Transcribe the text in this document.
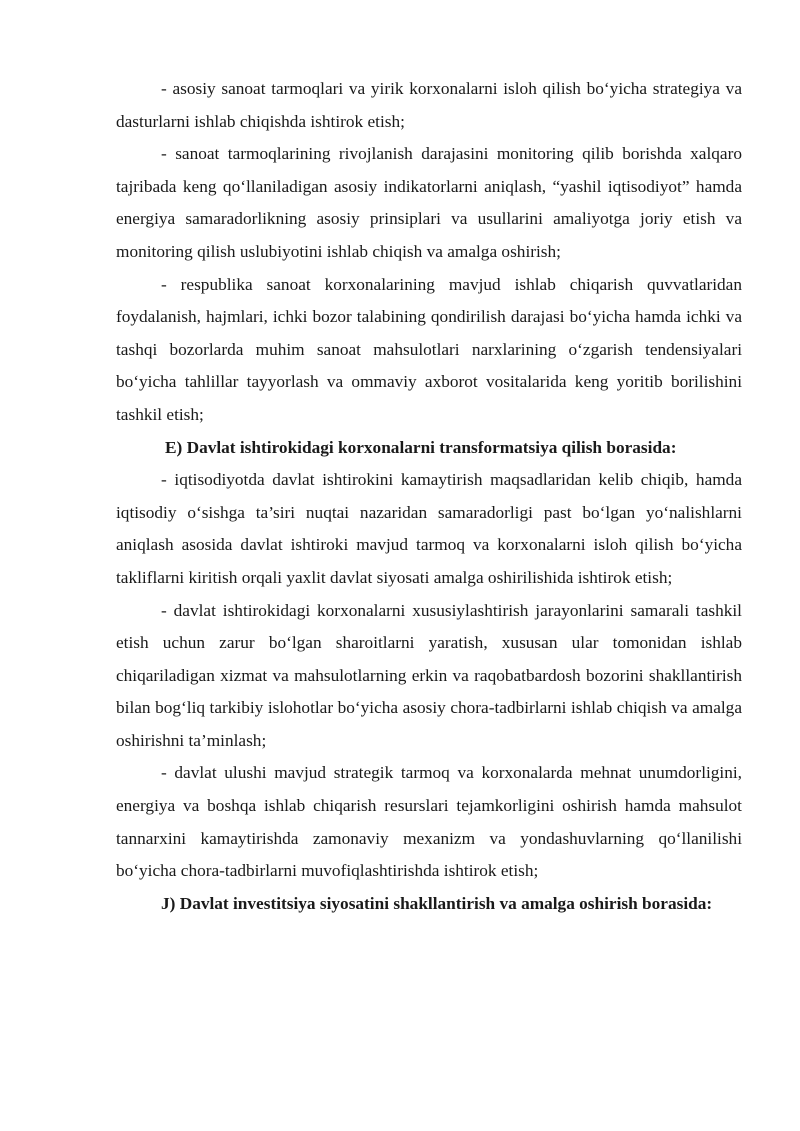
- asosiy sanoat tarmoqlari va yirik korxonalarni isloh qilish bo‘yicha strategiya va dasturlarni ishlab chiqishda ishtirok etish;

- sanoat tarmoqlarining rivojlanish darajasini monitoring qilib borishda xalqaro tajribada keng qo‘llaniladigan asosiy indikatorlarni aniqlash, “yashil iqtisodiyot” hamda energiya samaradorlikning asosiy prinsiplari va usullarini amaliyotga joriy etish va monitoring qilish uslubiyotini ishlab chiqish va amalga oshirish;

- respublika sanoat korxonalarining mavjud ishlab chiqarish quvvatlaridan foydalanish, hajmlari, ichki bozor talabining qondirilish darajasi bo‘yicha hamda ichki va tashqi bozorlarda muhim sanoat mahsulotlari narxlarining o‘zgarish tendensiyalari bo‘yicha tahlillar tayyorlash va ommaviy axborot vositalarida keng yoritib borilishini tashkil etish;

E) Davlat ishtirokidagi korxonalarni transformatsiya qilish borasida:

- iqtisodiyotda davlat ishtirokini kamaytirish maqsadlaridan kelib chiqib, hamda iqtisodiy o‘sishga ta’siri nuqtai nazaridan samaradorligi past bo‘lgan yo‘nalishlarni aniqlash asosida davlat ishtiroki mavjud tarmoq va korxonalarni isloh qilish bo‘yicha takliflarni kiritish orqali yaxlit davlat siyosati amalga oshirilishida ishtirok etish;

- davlat ishtirokidagi korxonalarni xususiylashtirish jarayonlarini samarali tashkil etish uchun zarur bo‘lgan sharoitlarni yaratish, xususan ular tomonidan ishlab chiqariladigan xizmat va mahsulotlarning erkin va raqobatbardosh bozorini shakllantirish bilan bog‘liq tarkibiy islohotlar bo‘yicha asosiy chora-tadbirlarni ishlab chiqish va amalga oshirishni ta’minlash;

- davlat ulushi mavjud strategik tarmoq va korxonalarda mehnat unumdorligini, energiya va boshqa ishlab chiqarish resurslari tejamkorligini oshirish hamda mahsulot tannarxini kamaytirishda zamonaviy mexanizm va yondashuvlarning qo‘llanilishi bo‘yicha chora-tadbirlarni muvofiqlashtirishda ishtirok etish;

J) Davlat investitsiya siyosatini shakllantirish va amalga oshirish borasida:
